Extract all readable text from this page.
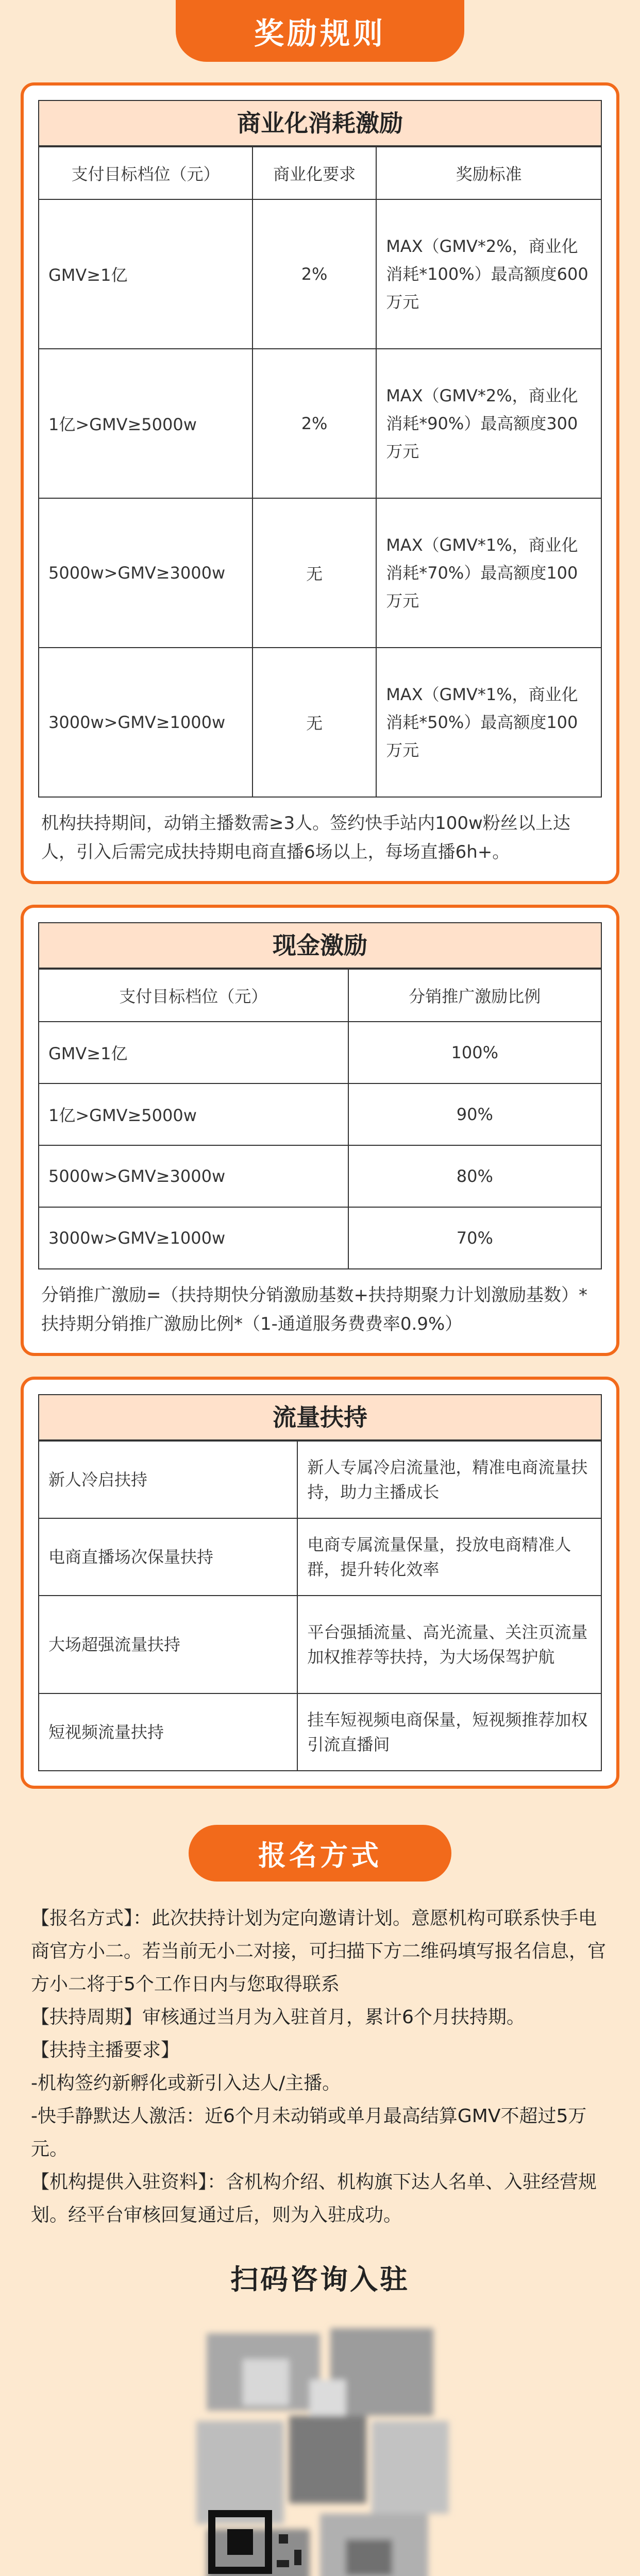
奖励规则
商业化消耗激励
支付目标档位（元）	商业化要求	奖励标准
GMV≥1亿	2%	MAX（GMV*2%，商业化消耗*100%）最高额度600万元
1亿>GMV≥5000w	2%	MAX（GMV*2%，商业化消耗*90%）最高额度300万元
5000w>GMV≥3000w	无	MAX（GMV*1%，商业化消耗*70%）最高额度100万元
3000w>GMV≥1000w	无	MAX（GMV*1%，商业化消耗*50%）最高额度100万元
机构扶持期间，动销主播数需≥3人。签约快手站内100w粉丝以上达人，引入后需完成扶持期电商直播6场以上，每场直播6h+。
现金激励
支付目标档位（元）	分销推广激励比例
GMV≥1亿	100%
1亿>GMV≥5000w	90%
5000w>GMV≥3000w	80%
3000w>GMV≥1000w	70%
分销推广激励=（扶持期快分销激励基数+扶持期聚力计划激励基数）*扶持期分销推广激励比例*（1-通道服务费费率0.9%）
流量扶持
新人冷启扶持	新人专属冷启流量池，精准电商流量扶持，助力主播成长
电商直播场次保量扶持	电商专属流量保量，投放电商精准人群，提升转化效率
大场超强流量扶持	平台强插流量、高光流量、关注页流量加权推荐等扶持，为大场保驾护航
短视频流量扶持	挂车短视频电商保量，短视频推荐加权引流直播间
报名方式

【报名方式】：此次扶持计划为定向邀请计划。意愿机构可联系快手电商官方小二。若当前无小二对接，可扫描下方二维码填写报名信息，官方小二将于5个工作日内与您取得联系

【扶持周期】审核通过当月为入驻首月，累计6个月扶持期。

【扶持主播要求】

-机构签约新孵化或新引入达人/主播。

-快手静默达人激活：近6个月未动销或单月最高结算GMV不超过5万元。

【机构提供入驻资料】：含机构介绍、机构旗下达人名单、入驻经营规划。经平台审核回复通过后，则为入驻成功。

扫码咨询入驻
